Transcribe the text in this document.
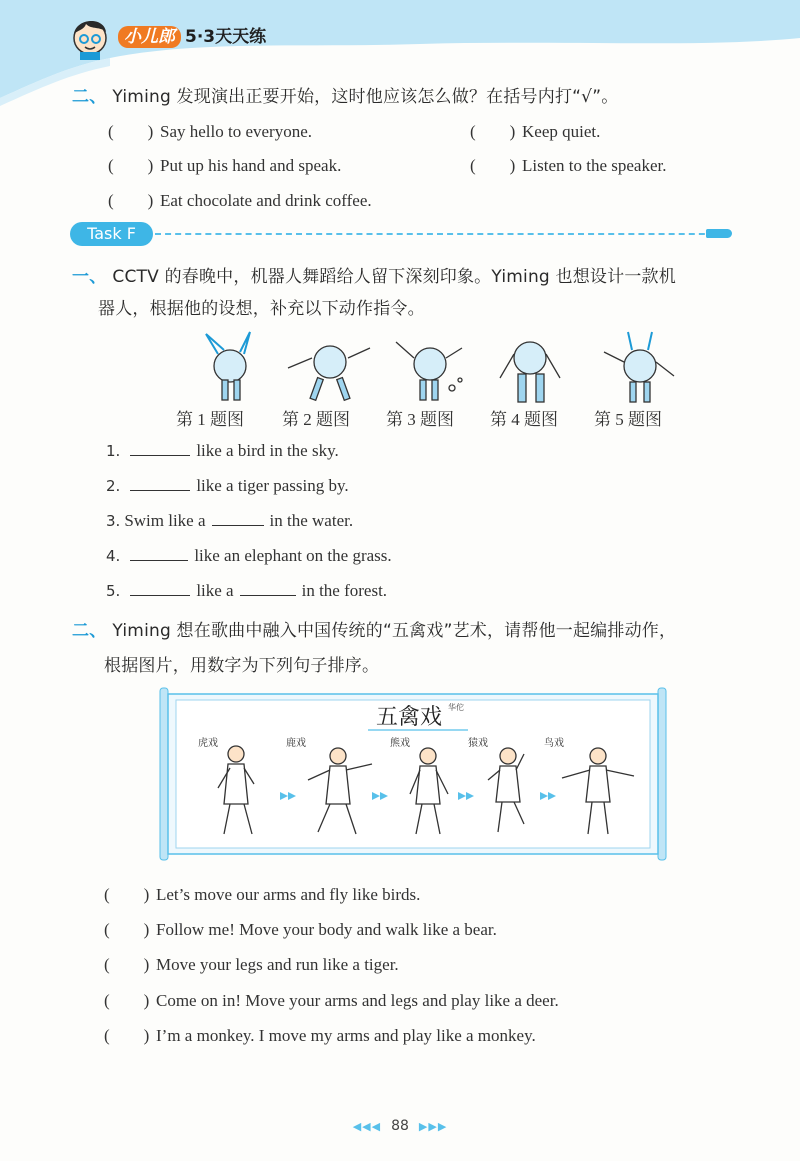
小儿郎 5·3天天练
二、 Yiming 发现演出正要开始，这时他应该怎么做？在括号内打“√”。
(　　) Say hello to everyone.	(　　) Keep quiet.
(　　) Put up his hand and speak.	(　　) Listen to the speaker.
(　　) Eat chocolate and drink coffee.
Task F
一、 CCTV 的春晚中，机器人舞蹈给人留下深刻印象。Yiming 也想设计一款机
器人，根据他的设想，补充以下动作指令。
第 1 题图 第 2 题图 第 3 题图 第 4 题图 第 5 题图
1.	like a bird in the sky.
2.	like a tiger passing by.
3. Swim like a	in the water.
4.	like an elephant on the grass.
5.	like a	in the forest.
二、 Yiming 想在歌曲中融入中国传统的“五禽戏”艺术，请帮他一起编排动作，
根据图片，用数字为下列句子排序。
五禽戏 华佗
虎戏	鹿戏	熊戏	猿戏	鸟戏
(　　) Let’s move our arms and fly like birds.
(　　) Follow me! Move your body and walk like a bear.
(　　) Move your legs and run like a tiger.
(　　) Come on in! Move your arms and legs and play like a deer.
(　　) I’m a monkey. I move my arms and play like a monkey.
◀◀◀ 88 ▶▶▶
